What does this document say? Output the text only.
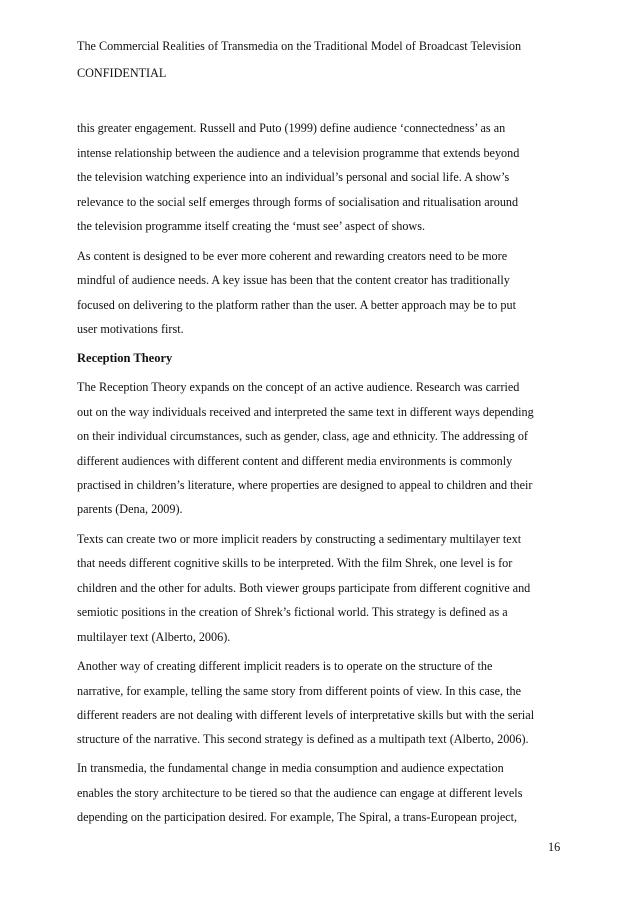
The Commercial Realities of Transmedia on the Traditional Model of Broadcast Television
CONFIDENTIAL
this greater engagement. Russell and Puto (1999) define audience ‘connectedness’ as an
intense relationship between the audience and a television programme that extends beyond
the television watching experience into an individual’s personal and social life. A show’s
relevance to the social self emerges through forms of socialisation and ritualisation around
the television programme itself creating the ‘must see’ aspect of shows.
As content is designed to be ever more coherent and rewarding creators need to be more
mindful of audience needs. A key issue has been that the content creator has traditionally
focused on delivering to the platform rather than the user. A better approach may be to put
user motivations first.
Reception Theory
The Reception Theory expands on the concept of an active audience. Research was carried
out on the way individuals received and interpreted the same text in different ways depending
on their individual circumstances, such as gender, class, age and ethnicity. The addressing of
different audiences with different content and different media environments is commonly
practised in children’s literature, where properties are designed to appeal to children and their
parents (Dena, 2009).
Texts can create two or more implicit readers by constructing a sedimentary multilayer text
that needs different cognitive skills to be interpreted. With the film Shrek, one level is for
children and the other for adults. Both viewer groups participate from different cognitive and
semiotic positions in the creation of Shrek’s fictional world. This strategy is defined as a
multilayer text (Alberto, 2006).
Another way of creating different implicit readers is to operate on the structure of the
narrative, for example, telling the same story from different points of view. In this case, the
different readers are not dealing with different levels of interpretative skills but with the serial
structure of the narrative. This second strategy is defined as a multipath text (Alberto, 2006).
In transmedia, the fundamental change in media consumption and audience expectation
enables the story architecture to be tiered so that the audience can engage at different levels
depending on the participation desired. For example, The Spiral, a trans-European project,
16
